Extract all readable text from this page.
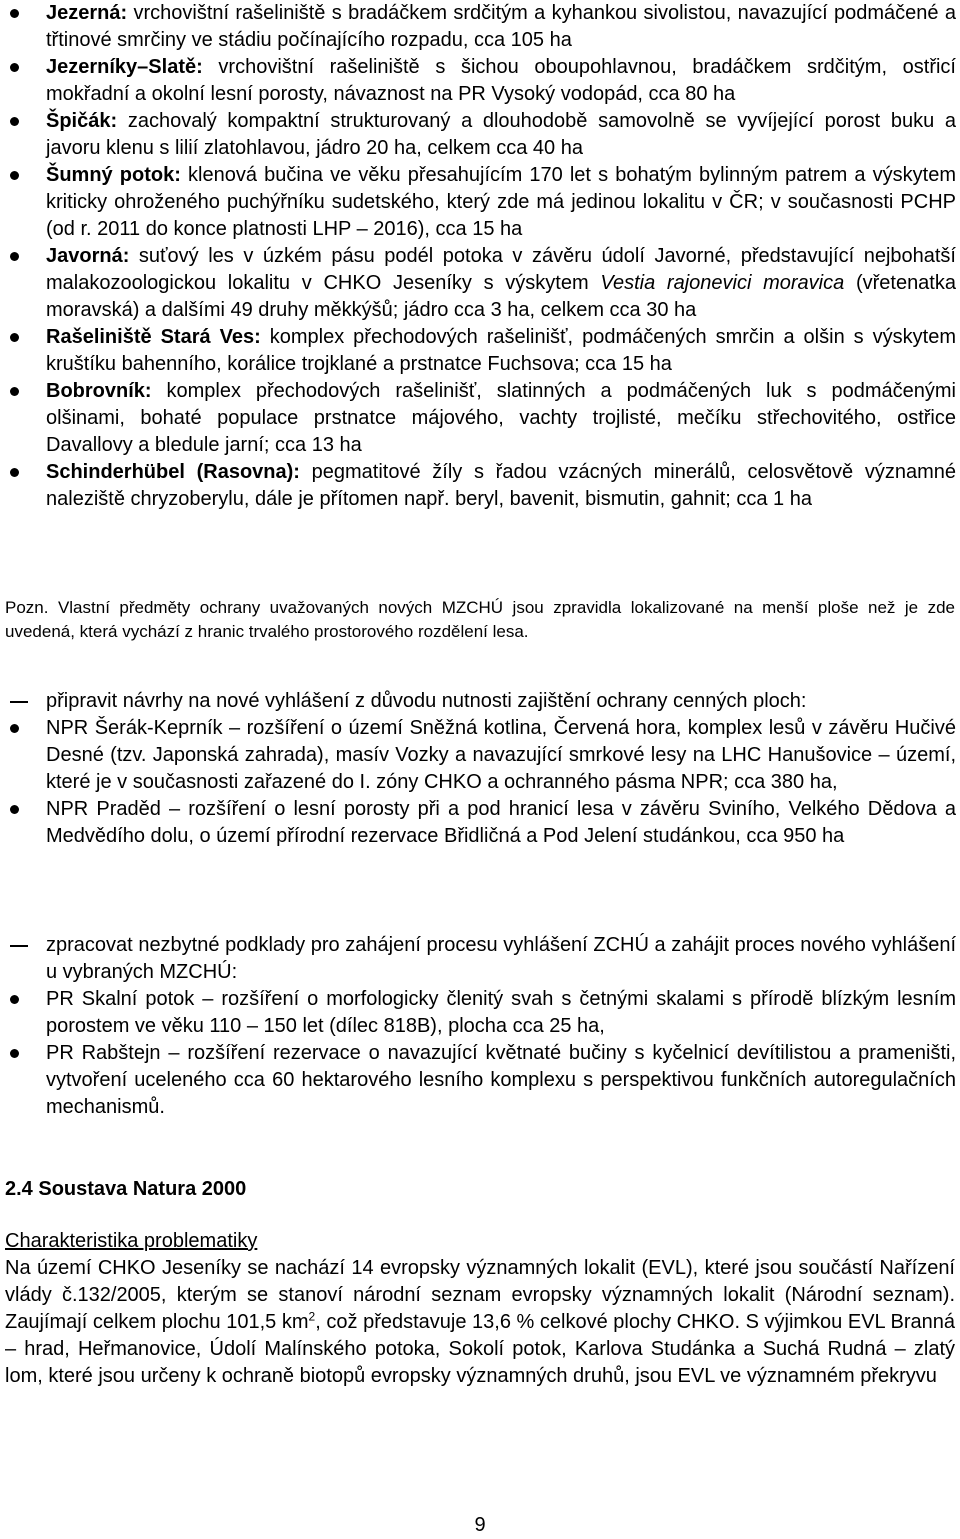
Jezerná: vrchovištní rašeliniště s bradáčkem srdčitým a kyhankou sivolistou, navazující podmáčené a třtinové smrčiny ve stádiu počínajícího rozpadu, cca 105 ha
Jezerníky–Slatě: vrchovištní rašeliniště s šichou oboupohlavnou, bradáčkem srdčitým, ostřicí mokřadní a okolní lesní porosty, návaznost na PR Vysoký vodopád, cca 80 ha
Špičák: zachovalý kompaktní strukturovaný a dlouhodobě samovolně se vyvíjející porost buku a javoru klenu s lilií zlatohlavou, jádro 20 ha, celkem cca 40 ha
Šumný potok: klenová bučina ve věku přesahujícím 170 let s bohatým bylinným patrem a výskytem kriticky ohroženého puchýřníku sudetského, který zde má jedinou lokalitu v ČR; v současnosti PCHP (od r. 2011 do konce platnosti LHP – 2016), cca 15 ha
Javorná: suťový les v úzkém pásu podél potoka v závěru údolí Javorné, představující nejbohatší malakozoologickou lokalitu v CHKO Jeseníky s výskytem Vestia rajonevici moravica (vřetenatka moravská) a dalšími 49 druhy měkkýšů; jádro cca 3 ha, celkem cca 30 ha
Rašeliniště Stará Ves: komplex přechodových rašelinišť, podmáčených smrčin a olšin s výskytem kruštíku bahenního, korálice trojklané a prstnatce Fuchsova; cca 15 ha
Bobrovník: komplex přechodových rašelinišť, slatinných a podmáčených luk s podmáčenými olšinami, bohaté populace prstnatce májového, vachty trojlisté, mečíku střechovitého, ostřice Davallovy a bledule jarní; cca 13 ha
Schinderhübel (Rasovna): pegmatitové žíly s řadou vzácných minerálů, celosvětově významné naleziště chryzoberylu, dále je přítomen např. beryl, bavenit, bismutin, gahnit; cca 1 ha
Pozn. Vlastní předměty ochrany uvažovaných nových MZCHÚ jsou zpravidla lokalizované na menší ploše než je zde uvedená, která vychází z hranic trvalého prostorového rozdělení lesa.
připravit návrhy na nové vyhlášení z důvodu nutnosti zajištění ochrany cenných ploch:
NPR Šerák-Keprník – rozšíření o území Sněžná kotlina, Červená hora, komplex lesů v závěru Hučivé Desné (tzv. Japonská zahrada), masív Vozky a navazující smrkové lesy na LHC Hanušovice – území, které je v současnosti zařazené do I. zóny CHKO a ochranného pásma NPR; cca 380 ha,
NPR Praděd – rozšíření o lesní porosty při a pod hranicí lesa v závěru Sviního, Velkého Dědova a Medvědího dolu, o území přírodní rezervace Břidličná a Pod Jelení studánkou, cca 950 ha
zpracovat nezbytné podklady pro zahájení procesu vyhlášení ZCHÚ a zahájit proces nového vyhlášení u vybraných MZCHÚ:
PR Skalní potok – rozšíření o morfologicky členitý svah s četnými skalami s přírodě blízkým lesním porostem ve věku 110 – 150 let (dílec 818B), plocha cca 25 ha,
PR Rabštejn – rozšíření rezervace o navazující květnaté bučiny s kyčelnicí devítilistou a prameništi, vytvoření uceleného cca 60 hektarového lesního komplexu s perspektivou funkčních autoregulačních mechanismů.
2.4 Soustava Natura 2000
Charakteristika problematiky
Na území CHKO Jeseníky se nachází 14 evropsky významných lokalit (EVL), které jsou součástí Nařízení vlády č.132/2005, kterým se stanoví národní seznam evropsky významných lokalit (Národní seznam). Zaujímají celkem plochu 101,5 $km^2$, což představuje 13,6 % celkové plochy CHKO. S výjimkou EVL Branná – hrad, Heřmanovice, Údolí Malínského potoka, Sokolí potok, Karlova Studánka a Suchá Rudná – zlatý lom, které jsou určeny k ochraně biotopů evropsky významných druhů, jsou EVL ve významném překryvu
9
